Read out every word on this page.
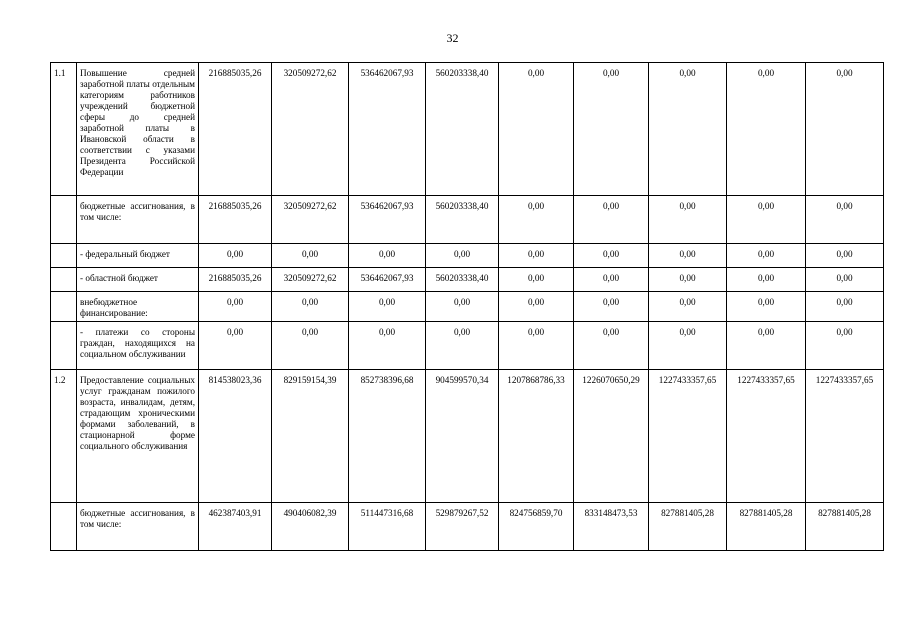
32
1.1	Повышение средней заработной платы отдельным категориям работников учреждений бюджетной сферы до средней заработной платы в Ивановской области в соответствии с указами Президента Российской Федерации	216885035,26	320509272,62	536462067,93	560203338,40	0,00	0,00	0,00	0,00	0,00
	бюджетные ассигнования, в том числе:	216885035,26	320509272,62	536462067,93	560203338,40	0,00	0,00	0,00	0,00	0,00
	- федеральный бюджет	0,00	0,00	0,00	0,00	0,00	0,00	0,00	0,00	0,00
	- областной бюджет	216885035,26	320509272,62	536462067,93	560203338,40	0,00	0,00	0,00	0,00	0,00
	внебюджетное финансирование:	0,00	0,00	0,00	0,00	0,00	0,00	0,00	0,00	0,00
	- платежи со стороны граждан, находящихся на социальном обслуживании	0,00	0,00	0,00	0,00	0,00	0,00	0,00	0,00	0,00
1.2	Предоставление социальных услуг гражданам пожилого возраста, инвалидам, детям, страдающим хроническими формами заболеваний, в стационарной форме социального обслуживания	814538023,36	829159154,39	852738396,68	904599570,34	1207868786,33	1226070650,29	1227433357,65	1227433357,65	1227433357,65
	бюджетные ассигнования, в том числе:	462387403,91	490406082,39	511447316,68	529879267,52	824756859,70	833148473,53	827881405,28	827881405,28	827881405,28
